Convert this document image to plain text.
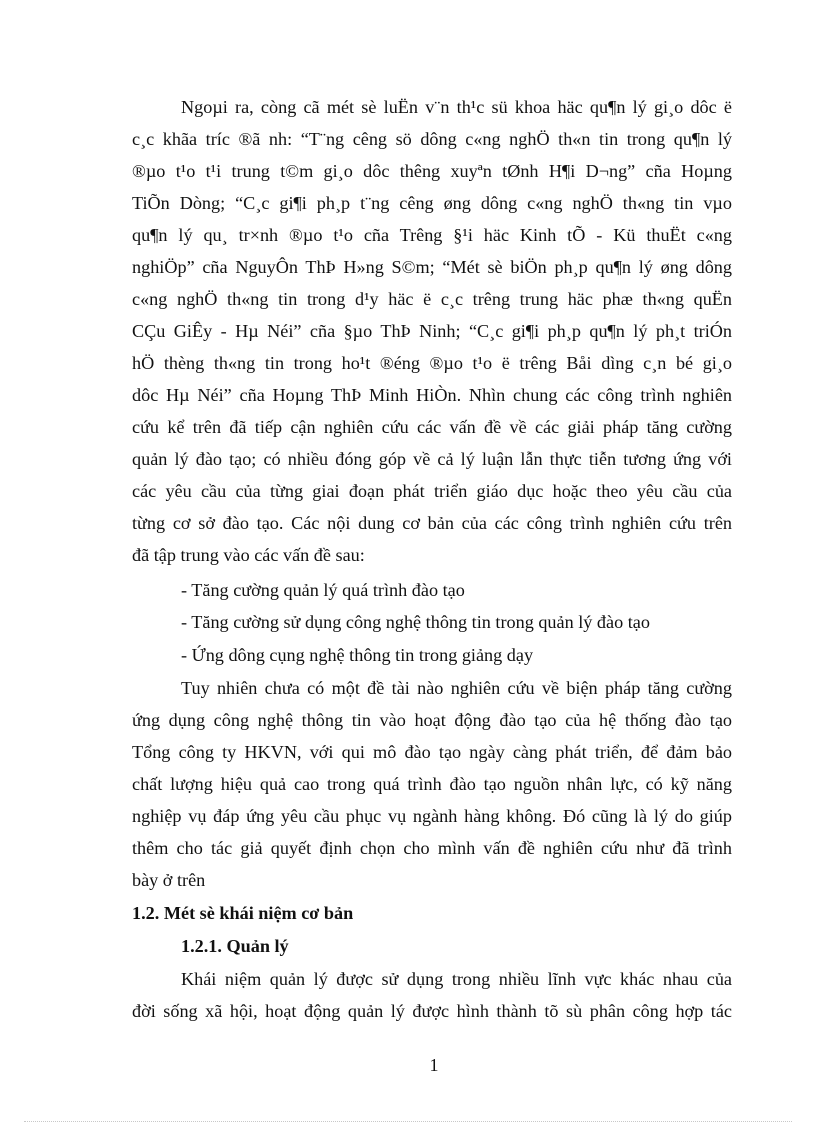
Ngoµi ra, còng cã mét sè luËn v¨n th¹c sü khoa häc qu¶n lý gi¸o dôc ë
c¸c khãa tríc ®ã nh: “T¨ng cêng sö dông c«ng nghÖ th«n tin trong qu¶n lý
®µo t¹o t¹i trung t©m gi¸o dôc thêng xuyªn tØnh H¶i D¬ng” cña Hoµng
TiÕn Dòng; “C¸c gi¶i ph¸p t¨ng cêng øng dông c«ng nghÖ th«ng tin vµo
qu¶n lý qu¸ tr×nh ®µo t¹o cña Trêng §¹i häc Kinh tÕ - Kü thuËt c«ng
nghiÖp” cña NguyÔn ThÞ H»ng S©m; “Mét sè biÖn ph¸p qu¶n lý øng dông
c«ng nghÖ th«ng tin trong d¹y häc ë c¸c trêng trung häc phæ th«ng quËn
CÇu GiÊy - Hµ Néi” cña §µo ThÞ Ninh; “C¸c gi¶i ph¸p qu¶n lý ph¸t triÓn
hÖ thèng th«ng tin trong ho¹t ®éng ®µo t¹o ë trêng Båi dìng c¸n bé gi¸o
dôc Hµ Néi” cña Hoµng ThÞ Minh HiÒn. Nhìn chung các công trình nghiên
cứu kể trên đã tiếp cận nghiên cứu các vấn đề về các giải pháp tăng cường
quản lý đào tạo; có nhiều đóng góp về cả lý luận lẫn thực tiễn tương ứng với
các yêu cầu của từng giai đoạn phát triển giáo dục hoặc theo yêu cầu của
từng cơ sở đào tạo. Các nội dung cơ bản của các công trình nghiên cứu trên
đã tập trung vào các vấn đề sau:
- Tăng cường quản lý quá trình đào tạo
- Tăng cường sử dụng công nghệ thông tin trong quản lý đào tạo
- Ứng dông cụng nghệ thông tin trong giảng dạy
Tuy nhiên chưa có một đề tài nào nghiên cứu về biện pháp tăng cường
ứng dụng công nghệ thông tin vào hoạt động đào tạo của hệ thống đào tạo
Tổng công ty HKVN, với qui mô đào tạo ngày càng phát triển, để đảm bảo
chất lượng hiệu quả cao trong quá trình đào tạo nguồn nhân lực, có kỹ năng
nghiệp vụ đáp ứng yêu cầu phục vụ ngành hàng không. Đó cũng là lý do giúp
thêm cho tác giả quyết định chọn cho mình vấn đề nghiên cứu như đã trình
bày ở trên
1.2. Mét sè khái niệm cơ bản
1.2.1. Quản lý
Khái niệm quản lý được sử dụng trong nhiều lĩnh vực khác nhau của
đời sống xã hội, hoạt động quản lý được hình thành tõ sù phân công hợp tác
1
